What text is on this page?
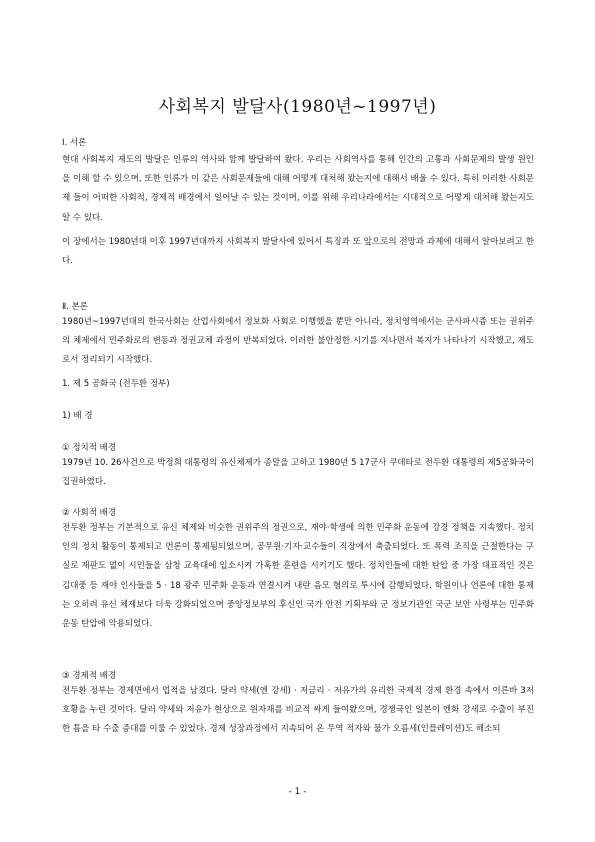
사회복지 발달사(1980년~1997년)
Ⅰ. 서론
현대 사회복지 제도의 발달은 인류의 역사와 함께 발달하여 왔다. 우리는 사회역사를 통해 인간의 고통과 사회문제의 발생 원인을 이해 할 수 있으며, 또한 인류가 이 같은 사회문제들에 대해 어떻게 대처해 왔는지에 대해서 배울 수 있다. 특히 이러한 사회문제 들이 어떠한 사회적, 경제적 배경에서 일어날 수 있는 것이며, 이를 위해 우리나라에서는 시대적으로 어떻게 대처해 왔는지도 알 수 있다.
이 장에서는 1980년대 이후 1997년대까지 사회복지 발달사에 있어서 특징과 또 앞으로의 전망과 과제에 대해서 알아보려고 한다.
Ⅱ. 본론
1980년~1997년대의 한국사회는 산업사회에서 정보화 사회로 이행했을 뿐만 아니라, 정치영역에서는 군사파시즘 또는 권위주의 체제에서 민주화로의 변동과 정권교체 과정이 반복되었다. 이러한 불안정한 시기를 지나면서 복지가 나타나기 시작했고, 제도로서 정리되기 시작했다.
1. 제 5 공화국 (전두환 정부)
1) 배 경
① 정치적 배경
1979년 10. 26사건으로 박정희 대통령의 유신체제가 종말을 고하고 1980년 5 17군사 쿠데타로 전두환 대통령의 제5공화국이 집권하였다.
② 사회적 배경
전두환 정부는 기본적으로 유신 체제와 비슷한 권위주의 정권으로, 재야·학생에 의한 민주화 운동에 강경 정책을 지속했다. 정치인의 정치 활동이 통제되고 언론이 통제됨되었으며, 공무원·기자·교수들이 직장에서 축출되었다. 또 폭력 조직을 근절한다는 구실로 재판도 없이 시민들을 삼청 교육대에 입소시켜 가혹한 훈련을 시키기도 했다. 정치인들에 대한 탄압 중 가장 대표적인 것은 김대중 등 재야 인사들을 5 · 18 광주 민주화 운동과 연결시켜 내란 음모 혐의로 투시에 감행되었다. 학원이나 언론에 대한 통제는 오히려 유신 체제보다 더욱 강화되었으며 중앙정보부의 후신인 국가 안전 기획부와 군 정보기관인 국군 보안 사령부는 민주화 운동 탄압에 악용되었다.
③ 경제적 배경
전두환 정부는 경제면에서 업적을 남겼다. 달러 약세(엔 강세) · 저금리 · 저유가의 유리한 국제적 경제 환경 속에서 이른바 3저 호황을 누린 것이다. 달러 약세와 저유가 현상으로 원자재를 비교적 싸게 들여왔으며, 경쟁국인 일본이 엔화 강세로 수출이 부진한 틈을 타 수출 증대를 이룰 수 있었다. 경제 성장과정에서 지속되어 온 무역 적자와 물가 오름세(인플레이션)도 해소되
- 1 -
